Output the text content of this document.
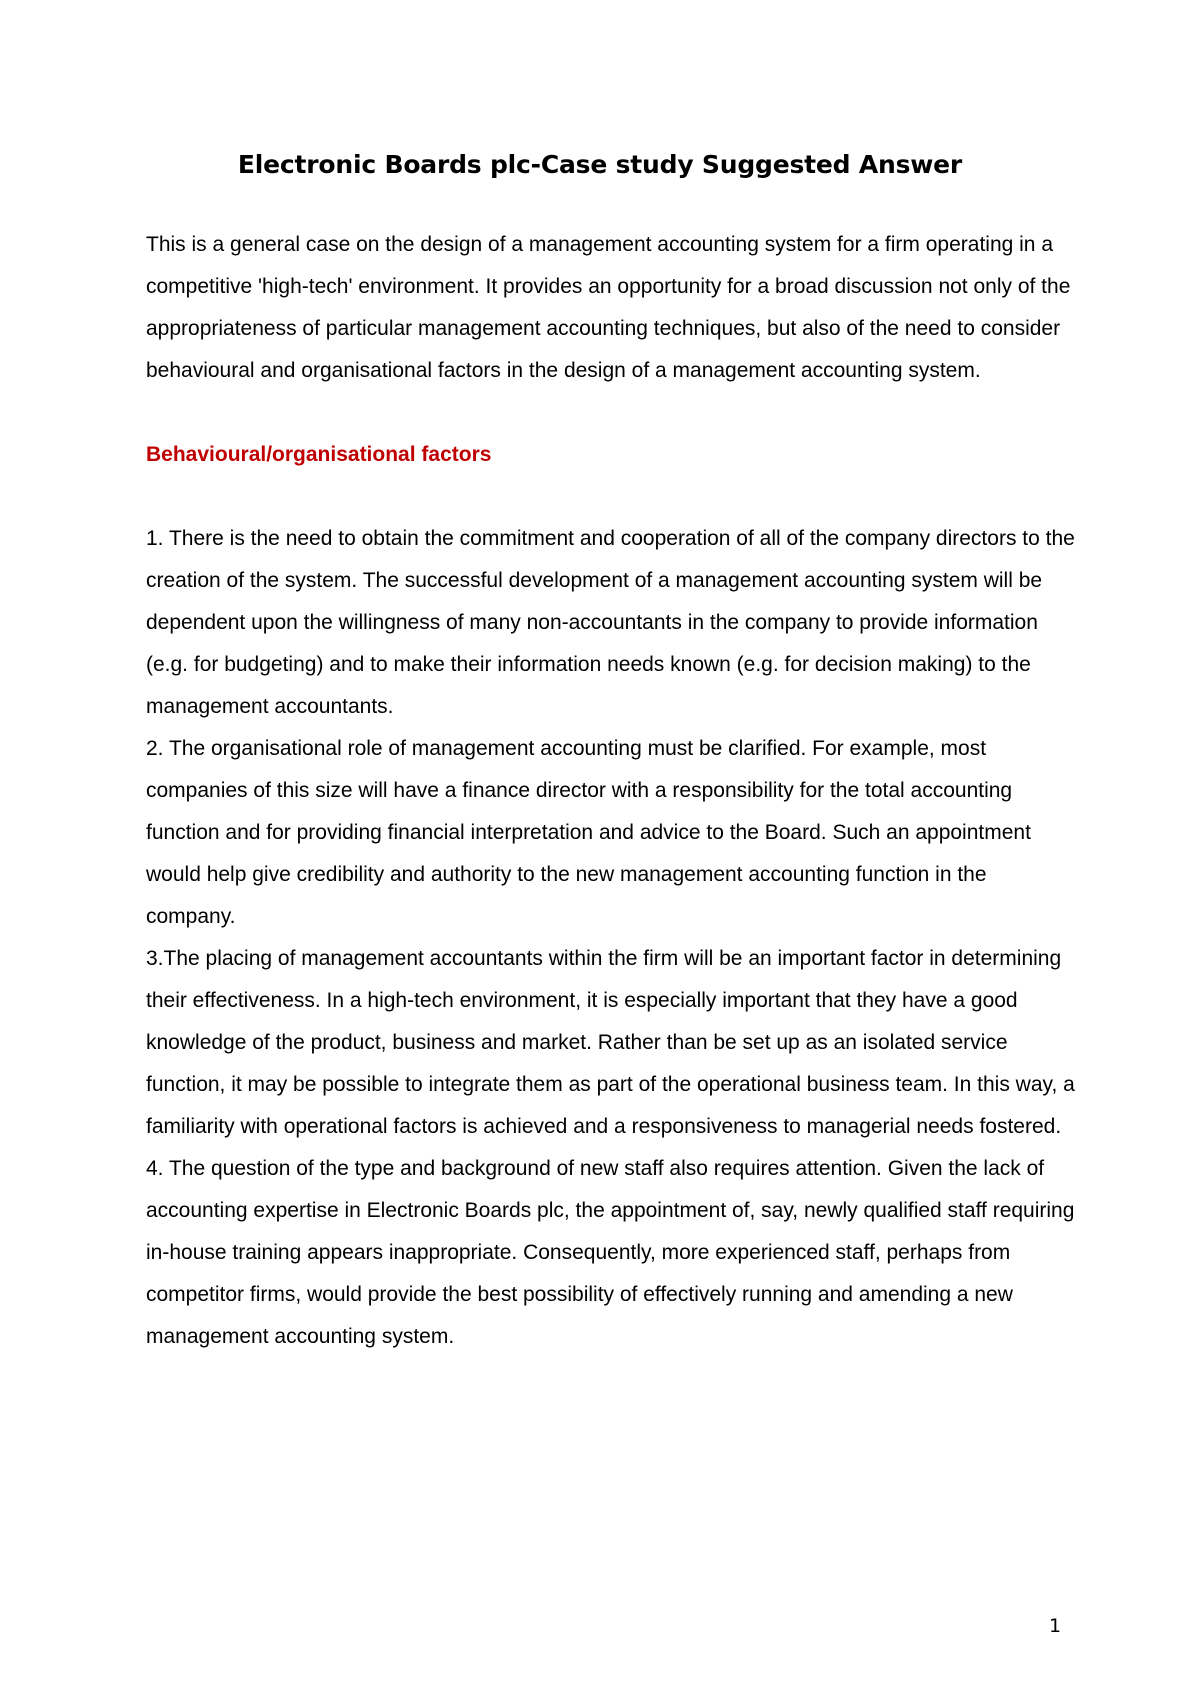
Electronic Boards plc-Case study Suggested Answer

This is a general case on the design of a management accounting system for a firm operating in a competitive 'high-tech' environment. It provides an opportunity for a broad discussion not only of the appropriateness of particular management accounting techniques, but also of the need to consider behavioural and organisational factors in the design of a management accounting system.

Behavioural/organisational factors

1. There is the need to obtain the commitment and cooperation of all of the company directors to the creation of the system. The successful development of a management accounting system will be dependent upon the willingness of many non-accountants in the company to provide information (e.g. for budgeting) and to make their information needs known (e.g. for decision making) to the management accountants.

2. The organisational role of management accounting must be clarified. For example, most companies of this size will have a finance director with a responsibility for the total accounting function and for providing financial interpretation and advice to the Board. Such an appointment would help give credibility and authority to the new management accounting function in the company.

3.The placing of management accountants within the firm will be an important factor in determining their effectiveness. In a high-tech environment, it is especially important that they have a good knowledge of the product, business and market. Rather than be set up as an isolated service function, it may be possible to integrate them as part of the operational business team. In this way, a familiarity with operational factors is achieved and a responsiveness to managerial needs fostered.

4. The question of the type and background of new staff also requires attention. Given the lack of accounting expertise in Electronic Boards plc, the appointment of, say, newly qualified staff requiring in-house training appears inappropriate. Consequently, more experienced staff, perhaps from competitor firms, would provide the best possibility of effectively running and amending a new management accounting system.

1
